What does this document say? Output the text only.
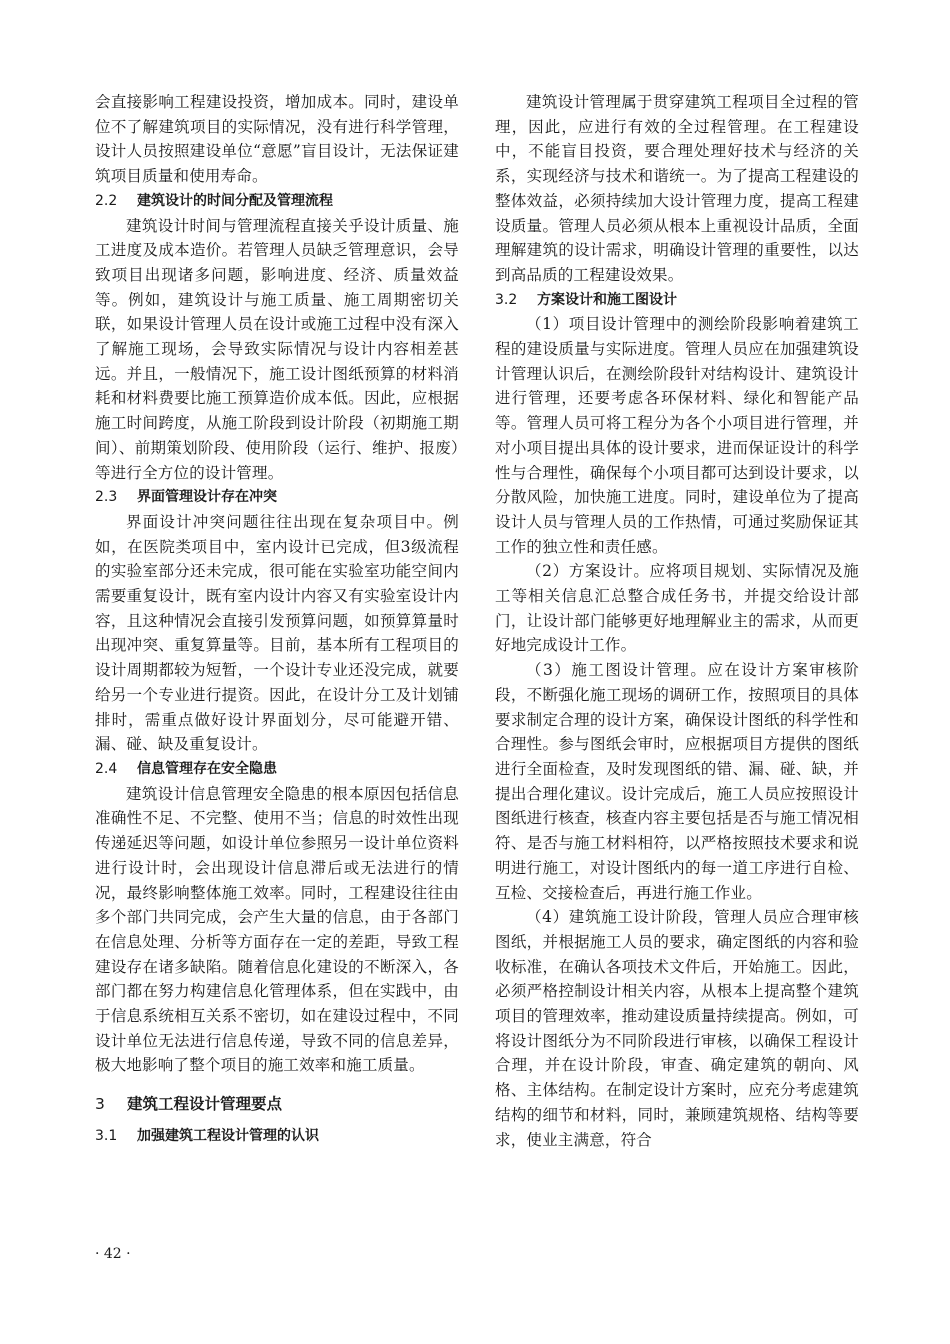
会直接影响工程建设投资，增加成本。同时，建设单位不了解建筑项目的实际情况，没有进行科学管理，设计人员按照建设单位“意愿”盲目设计，无法保证建筑项目质量和使用寿命。

2.2 建筑设计的时间分配及管理流程

建筑设计时间与管理流程直接关乎设计质量、施工进度及成本造价。若管理人员缺乏管理意识，会导致项目出现诸多问题，影响进度、经济、质量效益等。例如，建筑设计与施工质量、施工周期密切关联，如果设计管理人员在设计或施工过程中没有深入了解施工现场，会导致实际情况与设计内容相差甚远。并且，一般情况下，施工设计图纸预算的材料消耗和材料费要比施工预算造价成本低。因此，应根据施工时间跨度，从施工阶段到设计阶段（初期施工期间）、前期策划阶段、使用阶段（运行、维护、报废）等进行全方位的设计管理。

2.3 界面管理设计存在冲突

界面设计冲突问题往往出现在复杂项目中。例如，在医院类项目中，室内设计已完成，但3级流程的实验室部分还未完成，很可能在实验室功能空间内需要重复设计，既有室内设计内容又有实验室设计内容，且这种情况会直接引发预算问题，如预算算量时出现冲突、重复算量等。目前，基本所有工程项目的设计周期都较为短暂，一个设计专业还没完成，就要给另一个专业进行提资。因此，在设计分工及计划铺排时，需重点做好设计界面划分，尽可能避开错、漏、碰、缺及重复设计。

2.4 信息管理存在安全隐患

建筑设计信息管理安全隐患的根本原因包括信息准确性不足、不完整、使用不当；信息的时效性出现传递延迟等问题，如设计单位参照另一设计单位资料进行设计时，会出现设计信息滞后或无法进行的情况，最终影响整体施工效率。同时，工程建设往往由多个部门共同完成，会产生大量的信息，由于各部门在信息处理、分析等方面存在一定的差距，导致工程建设存在诸多缺陷。随着信息化建设的不断深入，各部门都在努力构建信息化管理体系，但在实践中，由于信息系统相互关系不密切，如在建设过程中，不同设计单位无法进行信息传递，导致不同的信息差异，极大地影响了整个项目的施工效率和施工质量。

3 建筑工程设计管理要点
3.1 加强建筑工程设计管理的认识

建筑设计管理属于贯穿建筑工程项目全过程的管理，因此，应进行有效的全过程管理。在工程建设中，不能盲目投资，要合理处理好技术与经济的关系，实现经济与技术和谐统一。为了提高工程建设的整体效益，必须持续加大设计管理力度，提高工程建设质量。管理人员必须从根本上重视设计品质，全面理解建筑的设计需求，明确设计管理的重要性，以达到高品质的工程建设效果。

3.2 方案设计和施工图设计

（1）项目设计管理中的测绘阶段影响着建筑工程的建设质量与实际进度。管理人员应在加强建筑设计管理认识后，在测绘阶段针对结构设计、建筑设计进行管理，还要考虑各环保材料、绿化和智能产品等。管理人员可将工程分为各个小项目进行管理，并对小项目提出具体的设计要求，进而保证设计的科学性与合理性，确保每个小项目都可达到设计要求，以分散风险，加快施工进度。同时，建设单位为了提高设计人员与管理人员的工作热情，可通过奖励保证其工作的独立性和责任感。

（2）方案设计。应将项目规划、实际情况及施工等相关信息汇总整合成任务书，并提交给设计部门，让设计部门能够更好地理解业主的需求，从而更好地完成设计工作。

（3）施工图设计管理。应在设计方案审核阶段，不断强化施工现场的调研工作，按照项目的具体要求制定合理的设计方案，确保设计图纸的科学性和合理性。参与图纸会审时，应根据项目方提供的图纸进行全面检查，及时发现图纸的错、漏、碰、缺，并提出合理化建议。设计完成后，施工人员应按照设计图纸进行核查，核查内容主要包括是否与施工情况相符、是否与施工材料相符，以严格按照技术要求和说明进行施工，对设计图纸内的每一道工序进行自检、互检、交接检查后，再进行施工作业。

（4）建筑施工设计阶段，管理人员应合理审核图纸，并根据施工人员的要求，确定图纸的内容和验收标准，在确认各项技术文件后，开始施工。因此，必须严格控制设计相关内容，从根本上提高整个建筑项目的管理效率，推动建设质量持续提高。例如，可将设计图纸分为不同阶段进行审核，以确保工程设计合理，并在设计阶段，审查、确定建筑的朝向、风格、主体结构。在制定设计方案时，应充分考虑建筑结构的细节和材料，同时，兼顾建筑规格、结构等要求，使业主满意，符合

· 42 ·
